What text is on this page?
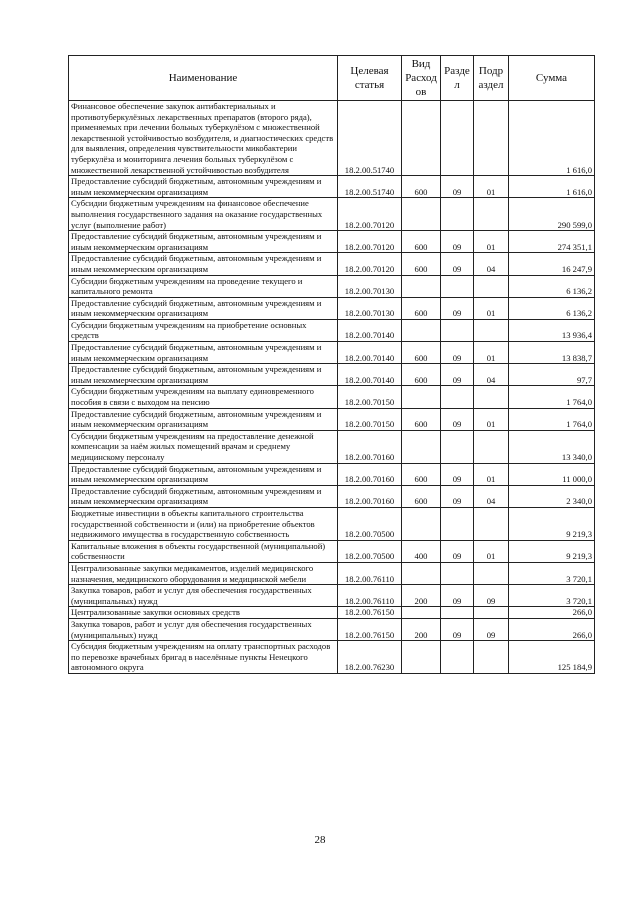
Наименование	Целевая статья	Вид Расход ов	Разде л	Подр аздел	Сумма
Финансовое обеспечение закупок антибактериальных и противотуберкулёзных лекарственных препаратов (второго ряда), применяемых при лечении больных туберкулёзом с множественной лекарственной устойчивостью возбудителя, и диагностических средств для выявления, определения чувствительности микобактерии туберкулёза и мониторинга лечения больных туберкулёзом с множественной лекарственной устойчивостью возбудителя	18.2.00.51740				1 616,0
Предоставление субсидий бюджетным, автономным учреждениям и иным некоммерческим организациям	18.2.00.51740	600	09	01	1 616,0
Субсидии бюджетным учреждениям на финансовое обеспечение выполнения государственного задания на оказание государственных услуг (выполнение работ)	18.2.00.70120				290 599,0
Предоставление субсидий бюджетным, автономным учреждениям и иным некоммерческим организациям	18.2.00.70120	600	09	01	274 351,1
Предоставление субсидий бюджетным, автономным учреждениям и иным некоммерческим организациям	18.2.00.70120	600	09	04	16 247,9
Субсидии бюджетным учреждениям на проведение текущего и капитального ремонта	18.2.00.70130				6 136,2
Предоставление субсидий бюджетным, автономным учреждениям и иным некоммерческим организациям	18.2.00.70130	600	09	01	6 136,2
Субсидии бюджетным учреждениям на приобретение основных средств	18.2.00.70140				13 936,4
Предоставление субсидий бюджетным, автономным учреждениям и иным некоммерческим организациям	18.2.00.70140	600	09	01	13 838,7
Предоставление субсидий бюджетным, автономным учреждениям и иным некоммерческим организациям	18.2.00.70140	600	09	04	97,7
Субсидии бюджетным учреждениям на выплату единовременного пособия в связи с выходом на пенсию	18.2.00.70150				1 764,0
Предоставление субсидий бюджетным, автономным учреждениям и иным некоммерческим организациям	18.2.00.70150	600	09	01	1 764,0
Субсидии бюджетным учреждениям на предоставление денежной компенсации за наём жилых помещений врачам и среднему медицинскому персоналу	18.2.00.70160				13 340,0
Предоставление субсидий бюджетным, автономным учреждениям и иным некоммерческим организациям	18.2.00.70160	600	09	01	11 000,0
Предоставление субсидий бюджетным, автономным учреждениям и иным некоммерческим организациям	18.2.00.70160	600	09	04	2 340,0
Бюджетные инвестиции в объекты капитального строительства государственной собственности и (или) на приобретение объектов недвижимого имущества в государственную собственность	18.2.00.70500				9 219,3
Капитальные вложения в объекты государственной (муниципальной) собственности	18.2.00.70500	400	09	01	9 219,3
Централизованные закупки медикаментов, изделий медицинского назначения, медицинского оборудования и медицинской мебели	18.2.00.76110				3 720,1
Закупка товаров, работ и услуг для обеспечения государственных (муниципальных) нужд	18.2.00.76110	200	09	09	3 720,1
Централизованные закупки основных средств	18.2.00.76150				266,0
Закупка товаров, работ и услуг для обеспечения государственных (муниципальных) нужд	18.2.00.76150	200	09	09	266,0
Субсидия бюджетным учреждениям на оплату транспортных расходов по перевозке врачебных бригад в населённые пункты Ненецкого автономного округа	18.2.00.76230				125 184,9
28
